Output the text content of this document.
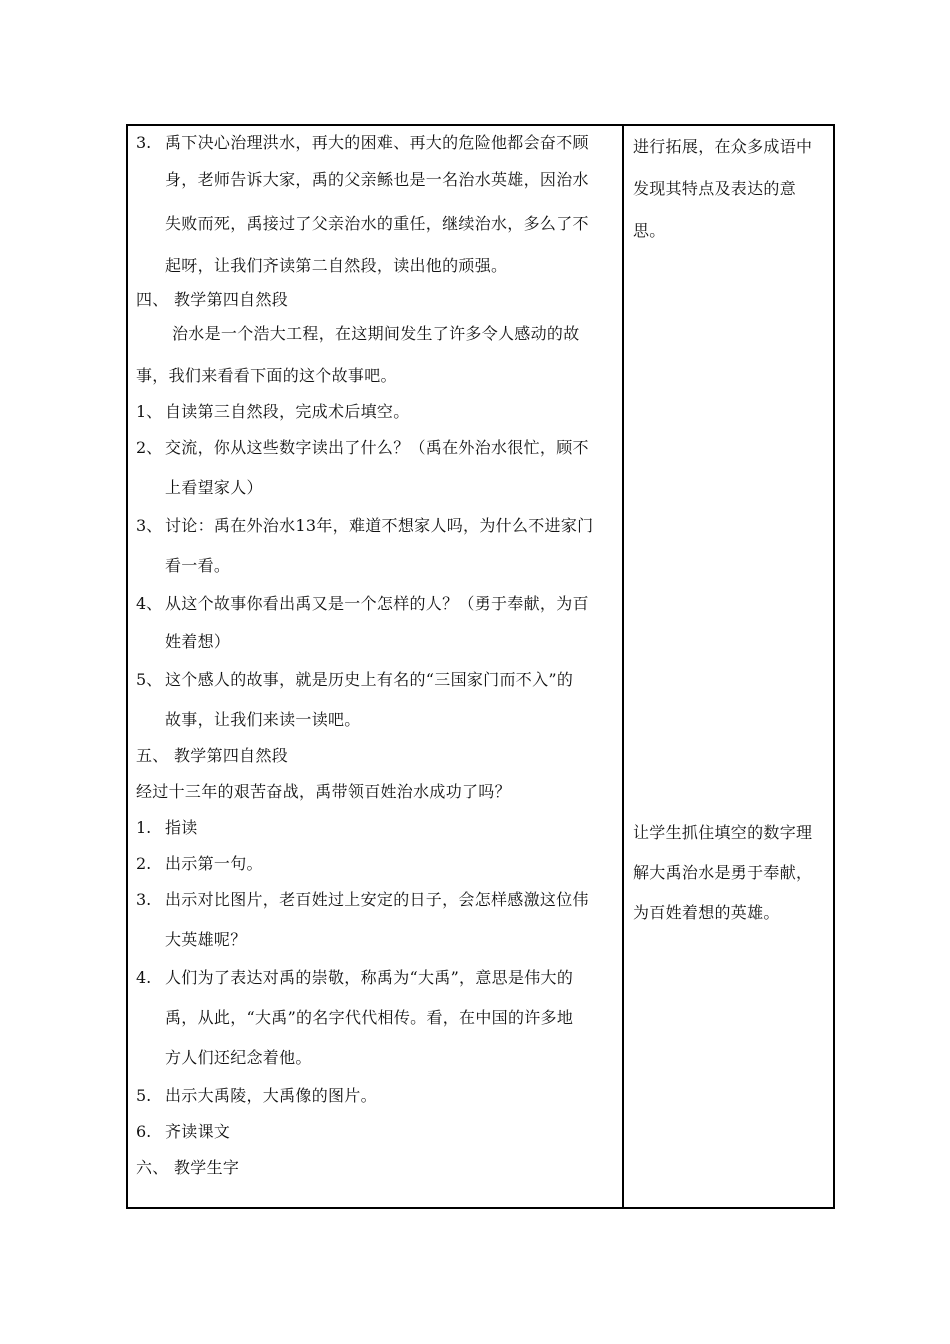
3. 禹下决心治理洪水，再大的困难、再大的危险他都会奋不顾
身，老师告诉大家，禹的父亲鲧也是一名治水英雄，因治水
失败而死，禹接过了父亲治水的重任，继续治水，多么了不
起呀，让我们齐读第二自然段，读出他的顽强。
四、 教学第四自然段
治水是一个浩大工程，在这期间发生了许多令人感动的故
事，我们来看看下面的这个故事吧。
1、 自读第三自然段，完成术后填空。
2、 交流，你从这些数字读出了什么？（禹在外治水很忙，顾不
上看望家人）
3、 讨论：禹在外治水13年，难道不想家人吗，为什么不进家门
看一看。
4、 从这个故事你看出禹又是一个怎样的人？（勇于奉献，为百
姓着想）
5、 这个感人的故事，就是历史上有名的“三国家门而不入”的
故事，让我们来读一读吧。
五、 教学第四自然段
经过十三年的艰苦奋战，禹带领百姓治水成功了吗？
1. 指读
2. 出示第一句。
3. 出示对比图片，老百姓过上安定的日子，会怎样感激这位伟
大英雄呢？
4. 人们为了表达对禹的崇敬，称禹为“大禹”，意思是伟大的
禹，从此，“大禹”的名字代代相传。看，在中国的许多地
方人们还纪念着他。
5. 出示大禹陵，大禹像的图片。
6. 齐读课文
六、 教学生字
进行拓展，在众多成语中
发现其特点及表达的意
思。
让学生抓住填空的数字理
解大禹治水是勇于奉献，
为百姓着想的英雄。
